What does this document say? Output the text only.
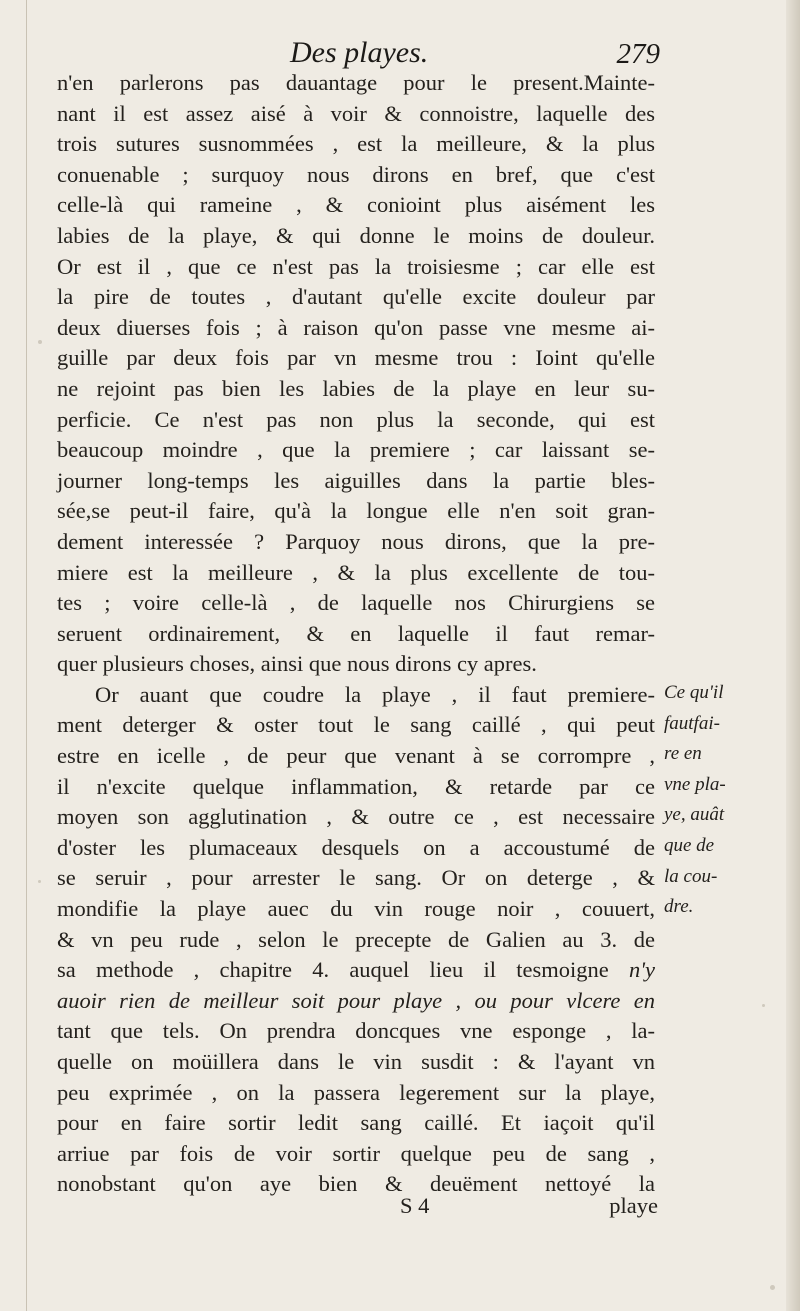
Des playes.	279
n'en parlerons pas dauantage pour le present.Mainte-
nant il est assez aisé à voir & connoistre, laquelle des
trois sutures susnommées , est la meilleure, & la plus
conuenable ; surquoy nous dirons en bref, que c'est
celle-là qui rameine , & conioint plus aisément les
labies de la playe, & qui donne le moins de douleur.
Or est il , que ce n'est pas la troisiesme ; car elle est
la pire de toutes , d'autant qu'elle excite douleur par
deux diuerses fois ; à raison qu'on passe vne mesme ai-
guille par deux fois par vn mesme trou : Ioint qu'elle
ne rejoint pas bien les labies de la playe en leur su-
perficie. Ce n'est pas non plus la seconde, qui est
beaucoup moindre , que la premiere ; car laissant se-
journer long-temps les aiguilles dans la partie bles-
sée,se peut-il faire, qu'à la longue elle n'en soit gran-
dement interessée ? Parquoy nous dirons, que la pre-
miere est la meilleure , & la plus excellente de tou-
tes ; voire celle-là , de laquelle nos Chirurgiens se
seruent ordinairement, & en laquelle il faut remar-
quer plusieurs choses, ainsi que nous dirons cy apres.
Or auant que coudre la playe , il faut premiere-
ment deterger & oster tout le sang caillé , qui peut
estre en icelle , de peur que venant à se corrompre ,
il n'excite quelque inflammation, & retarde par ce
moyen son agglutination , & outre ce , est necessaire
d'oster les plumaceaux desquels on a accoustumé de
se seruir , pour arrester le sang. Or on deterge , &
mondifie la playe auec du vin rouge noir , couuert,
& vn peu rude , selon le precepte de Galien au 3. de
sa methode , chapitre 4. auquel lieu il tesmoigne n'y
auoir rien de meilleur soit pour playe , ou pour vlcere en
tant que tels. On prendra doncques vne esponge , la-
quelle on moüillera dans le vin susdit : & l'ayant vn
peu exprimée , on la passera legerement sur la playe,
pour en faire sortir ledit sang caillé. Et iaçoit qu'il
arriue par fois de voir sortir quelque peu de sang ,
nonobstant qu'on aye bien & deuëment nettoyé la
Ce qu'il
fautfai-
re en
vne pla-
ye, auât
que de
la cou-
dre.
S 4	playe
